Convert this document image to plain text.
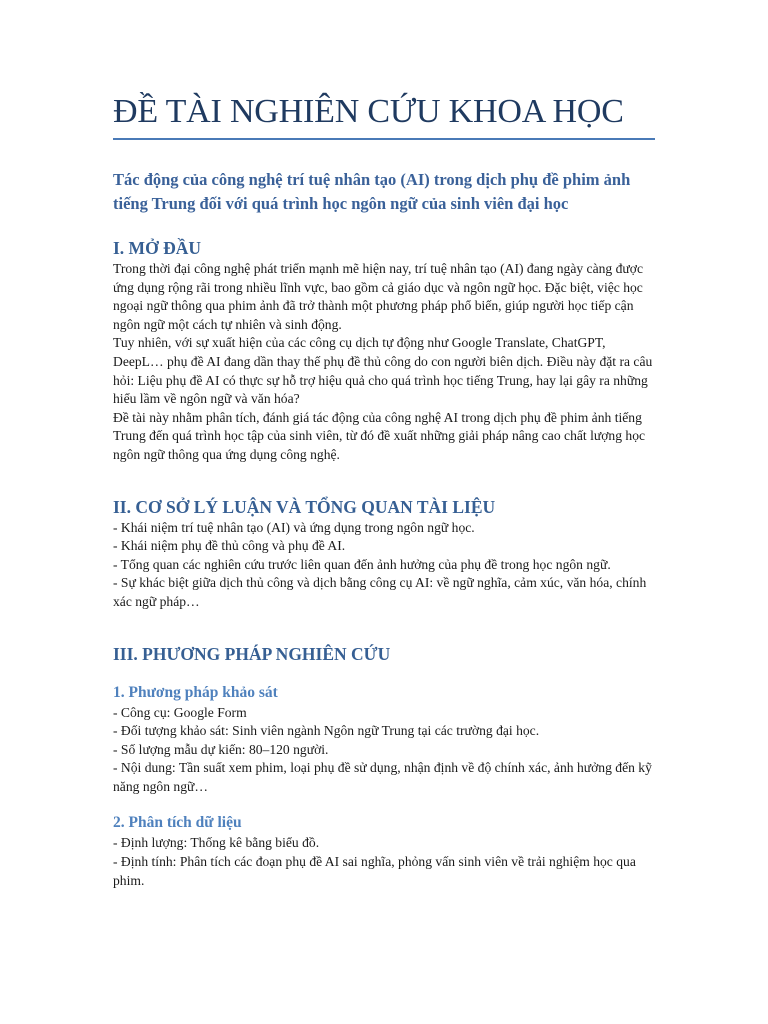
ĐỀ TÀI NGHIÊN CỨU KHOA HỌC

Tác động của công nghệ trí tuệ nhân tạo (AI) trong dịch phụ đề phim ảnh tiếng Trung đối với quá trình học ngôn ngữ của sinh viên đại học

I. MỞ ĐẦU

Trong thời đại công nghệ phát triển mạnh mẽ hiện nay, trí tuệ nhân tạo (AI) đang ngày càng được ứng dụng rộng rãi trong nhiều lĩnh vực, bao gồm cả giáo dục và ngôn ngữ học. Đặc biệt, việc học ngoại ngữ thông qua phim ảnh đã trở thành một phương pháp phổ biến, giúp người học tiếp cận ngôn ngữ một cách tự nhiên và sinh động.

Tuy nhiên, với sự xuất hiện của các công cụ dịch tự động như Google Translate, ChatGPT, DeepL… phụ đề AI đang dần thay thế phụ đề thủ công do con người biên dịch. Điều này đặt ra câu hỏi: Liệu phụ đề AI có thực sự hỗ trợ hiệu quả cho quá trình học tiếng Trung, hay lại gây ra những hiểu lầm về ngôn ngữ và văn hóa?

Đề tài này nhằm phân tích, đánh giá tác động của công nghệ AI trong dịch phụ đề phim ảnh tiếng Trung đến quá trình học tập của sinh viên, từ đó đề xuất những giải pháp nâng cao chất lượng học ngôn ngữ thông qua ứng dụng công nghệ.

II. CƠ SỞ LÝ LUẬN VÀ TỔNG QUAN TÀI LIỆU
- Khái niệm trí tuệ nhân tạo (AI) và ứng dụng trong ngôn ngữ học.
- Khái niệm phụ đề thủ công và phụ đề AI.
- Tổng quan các nghiên cứu trước liên quan đến ảnh hưởng của phụ đề trong học ngôn ngữ.
- Sự khác biệt giữa dịch thủ công và dịch bằng công cụ AI: về ngữ nghĩa, cảm xúc, văn hóa, chính xác ngữ pháp…
III. PHƯƠNG PHÁP NGHIÊN CỨU
1. Phương pháp khảo sát
- Công cụ: Google Form
- Đối tượng khảo sát: Sinh viên ngành Ngôn ngữ Trung tại các trường đại học.
- Số lượng mẫu dự kiến: 80–120 người.
- Nội dung: Tần suất xem phim, loại phụ đề sử dụng, nhận định về độ chính xác, ảnh hưởng đến kỹ năng ngôn ngữ…
2. Phân tích dữ liệu
- Định lượng: Thống kê bằng biểu đồ.
- Định tính: Phân tích các đoạn phụ đề AI sai nghĩa, phỏng vấn sinh viên về trải nghiệm học qua phim.
